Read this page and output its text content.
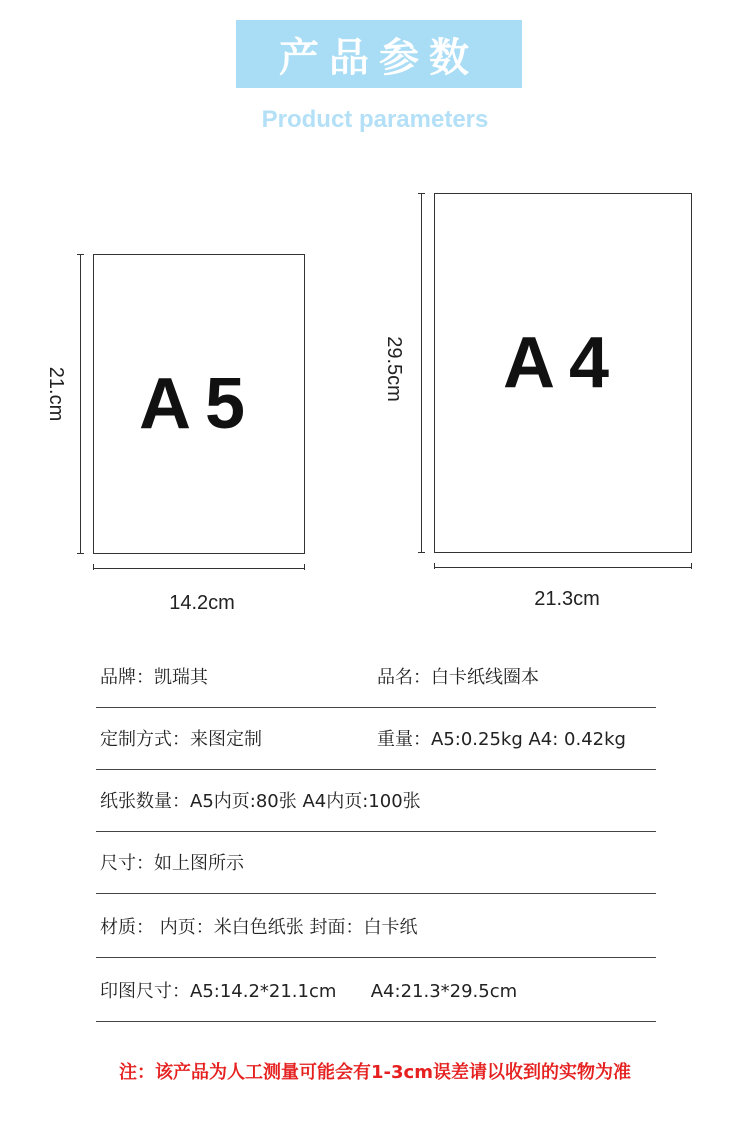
产品参数
Product parameters
21.cm A5
14.2cm
29.5cm A4
21.3cm
品牌：凯瑞其	品名：白卡纸线圈本
定制方式：来图定制	重量：A5:0.25kg A4: 0.42kg
纸张数量：A5内页:80张 A4内页:100张
尺寸：如上图所示
材质： 内页：米白色纸张 封面：白卡纸
印图尺寸：A5:14.2*21.1cm      A4:21.3*29.5cm
注：该产品为人工测量可能会有1-3cm误差请以收到的实物为准
